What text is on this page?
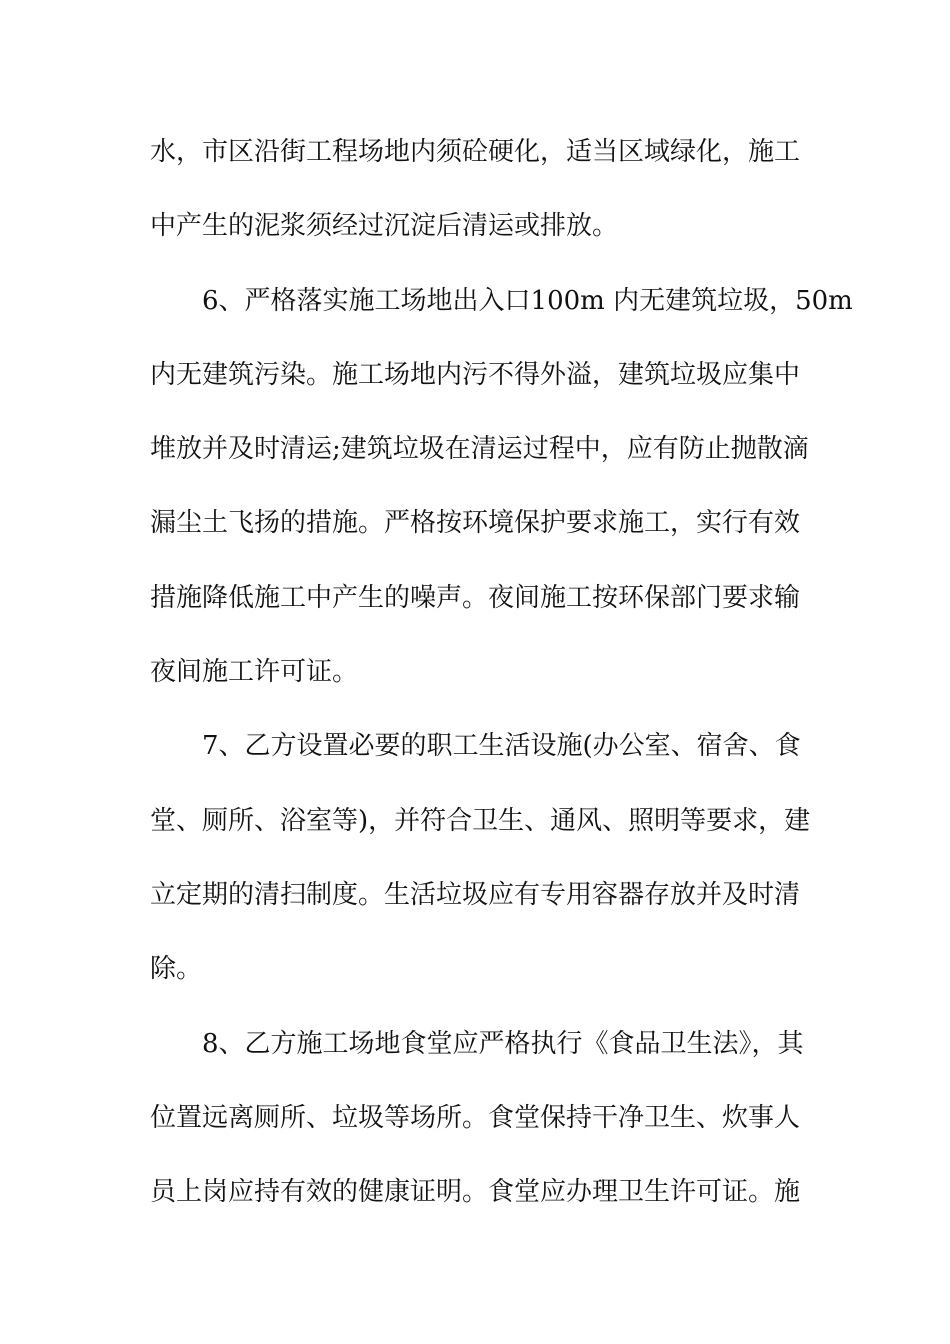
水，市区沿街工程场地内须砼硬化，适当区域绿化，施工
中产生的泥浆须经过沉淀后清运或排放。
6、严格落实施工场地出入口100m 内无建筑垃圾，50m
内无建筑污染。施工场地内污不得外溢，建筑垃圾应集中
堆放并及时清运;建筑垃圾在清运过程中，应有防止抛散滴
漏尘土飞扬的措施。严格按环境保护要求施工，实行有效
措施降低施工中产生的噪声。夜间施工按环保部门要求输
夜间施工许可证。
7、乙方设置必要的职工生活设施(办公室、宿舍、食
堂、厕所、浴室等)，并符合卫生、通风、照明等要求，建
立定期的清扫制度。生活垃圾应有专用容器存放并及时清
除。
8、乙方施工场地食堂应严格执行《食品卫生法》，其
位置远离厕所、垃圾等场所。食堂保持干净卫生、炊事人
员上岗应持有效的健康证明。食堂应办理卫生许可证。施
